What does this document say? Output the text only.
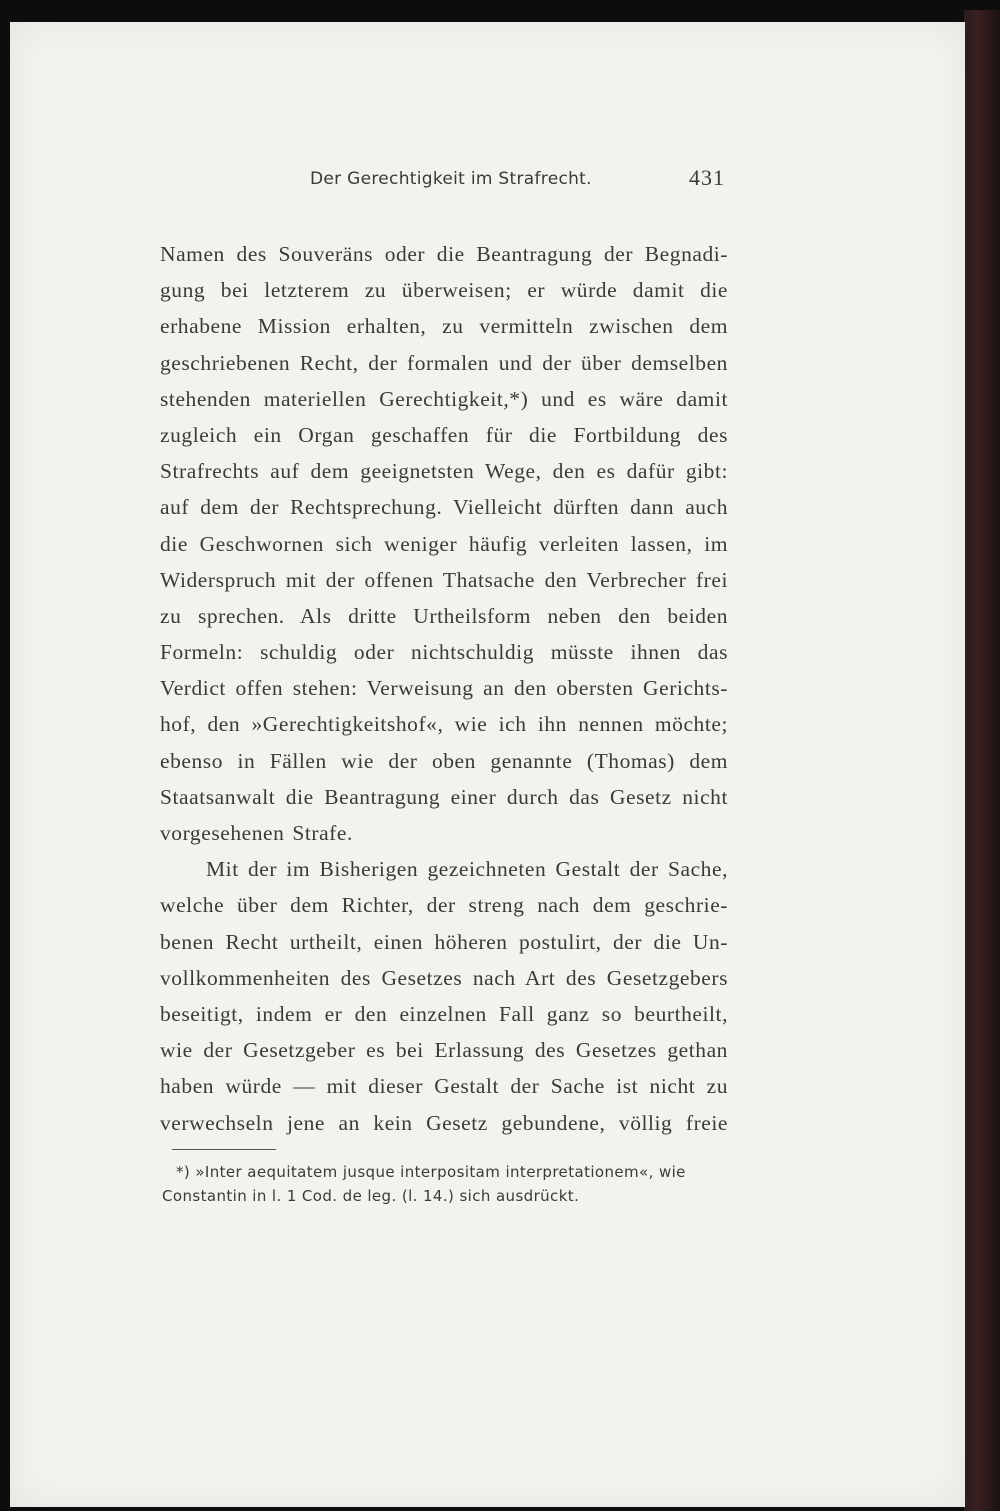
Der Gerechtigkeit im Strafrecht.	431
Namen des Souveräns oder die Beantragung der Begnadi-
gung bei letzterem zu überweisen; er würde damit die
erhabene Mission erhalten, zu vermitteln zwischen dem
geschriebenen Recht, der formalen und der über demselben
stehenden materiellen Gerechtigkeit,*) und es wäre damit
zugleich ein Organ geschaffen für die Fortbildung des
Strafrechts auf dem geeignetsten Wege, den es dafür gibt:
auf dem der Rechtsprechung. Vielleicht dürften dann auch
die Geschwornen sich weniger häufig verleiten lassen, im
Widerspruch mit der offenen Thatsache den Verbrecher frei
zu sprechen. Als dritte Urtheilsform neben den beiden
Formeln: schuldig oder nichtschuldig müsste ihnen das
Verdict offen stehen: Verweisung an den obersten Gerichts-
hof, den »Gerechtigkeitshof«, wie ich ihn nennen möchte;
ebenso in Fällen wie der oben genannte (Thomas) dem
Staatsanwalt die Beantragung einer durch das Gesetz nicht
vorgesehenen Strafe.
Mit der im Bisherigen gezeichneten Gestalt der Sache,
welche über dem Richter, der streng nach dem geschrie-
benen Recht urtheilt, einen höheren postulirt, der die Un-
vollkommenheiten des Gesetzes nach Art des Gesetzgebers
beseitigt, indem er den einzelnen Fall ganz so beurtheilt,
wie der Gesetzgeber es bei Erlassung des Gesetzes gethan
haben würde — mit dieser Gestalt der Sache ist nicht zu
verwechseln jene an kein Gesetz gebundene, völlig freie
*) »Inter aequitatem jusque interpositam interpretationem«, wie
Constantin in l. 1 Cod. de leg. (l. 14.) sich ausdrückt.
